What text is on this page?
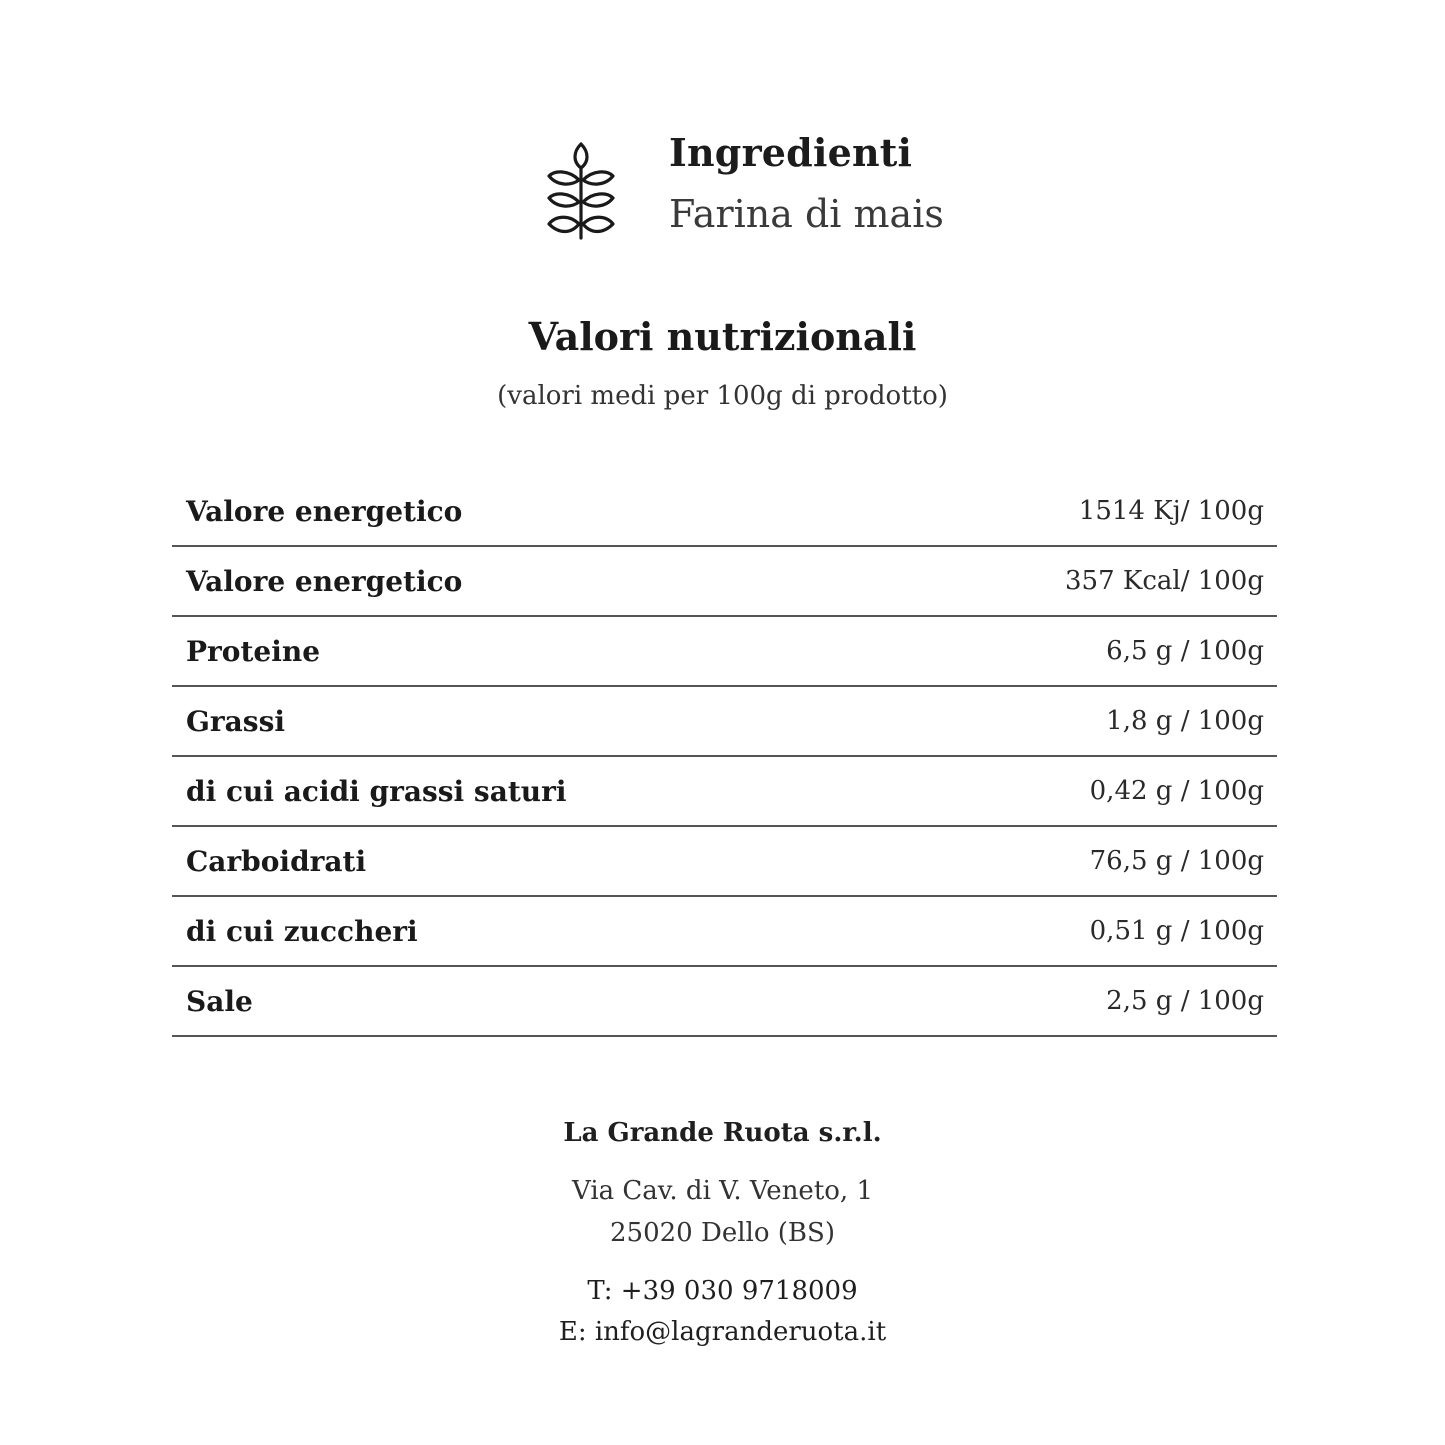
Ingredienti
Farina di mais
Valori nutrizionali
(valori medi per 100g di prodotto)
Valore energetico	1514 Kj/ 100g
Valore energetico	357 Kcal/ 100g
Proteine	6,5 g / 100g
Grassi	1,8 g / 100g
di cui acidi grassi saturi	0,42 g / 100g
Carboidrati	76,5 g / 100g
di cui zuccheri	0,51 g / 100g
Sale	2,5 g / 100g
La Grande Ruota s.r.l.
Via Cav. di V. Veneto, 1
25020 Dello (BS)
T: +39 030 9718009
E: info@lagranderuota.it
